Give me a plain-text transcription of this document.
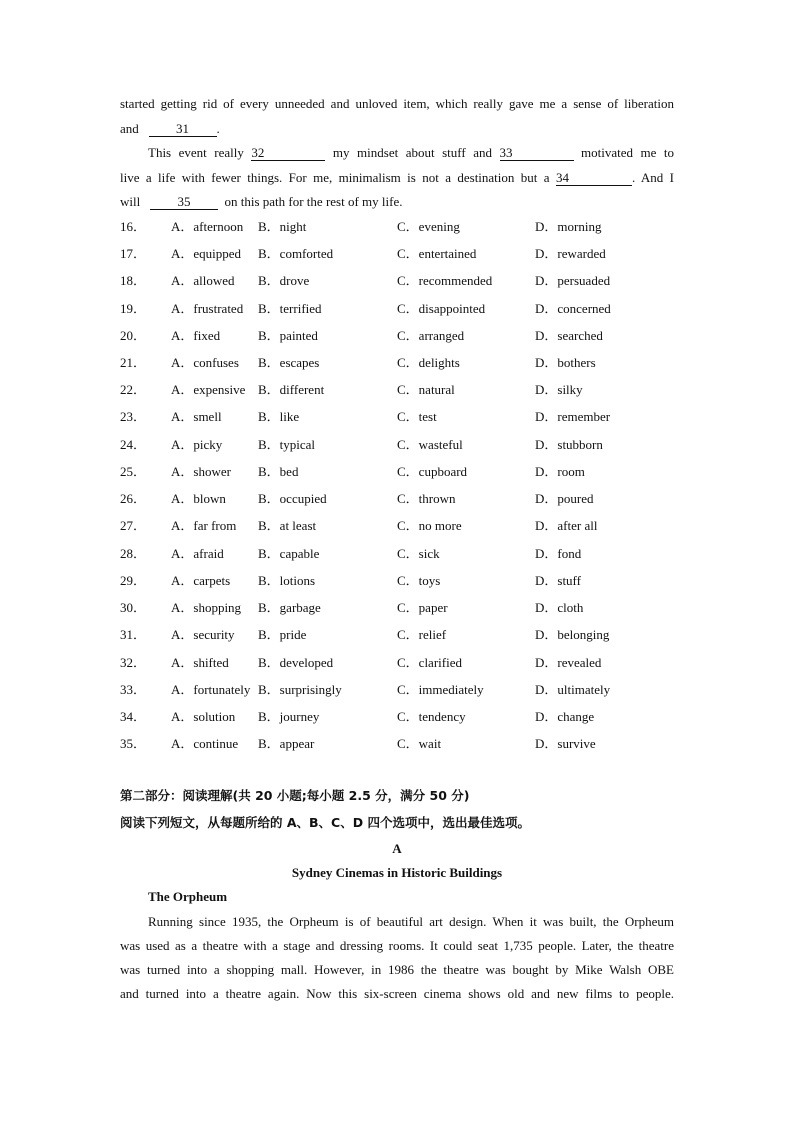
started getting rid of every unneeded and unloved item, which really gave me a sense of liberation
and	31 .
This event really 32	my mindset about stuff and 33	motivated me to
live a life with fewer things. For me, minimalism is not a destination but a 34	. And I
will	35	on this path for the rest of my life.
16． A．afternoon B．night	C．evening	D．morning
17． A．equipped B．comforted	C．entertained	D．rewarded
18． A．allowed B．drove	C．recommended	D．persuaded
19． A．frustrated B．terrified	C．disappointed	D．concerned
20． A．fixed	B．painted	C．arranged	D．searched
21． A．confuses B．escapes	C．delights	D．bothers
22． A．expensive B．different	C．natural	D．silky
23． A．smell	B．like	C．test	D．remember
24． A．picky	B．typical	C．wasteful	D．stubborn
25． A．shower B．bed	C．cupboard	D．room
26． A．blown B．occupied	C．thrown	D．poured
27． A．far from B．at least	C．no more	D．after all
28． A．afraid	B．capable	C．sick	D．fond
29． A．carpets B．lotions	C．toys	D．stuff
30． A．shopping B．garbage	C．paper	D．cloth
31． A．security B．pride	C．relief	D．belonging
32． A．shifted B．developed	C．clarified	D．revealed
33． A．fortunately B．surprisingly	C．immediately	D．ultimately
34． A．solution B．journey	C．tendency	D．change
35． A．continue B．appear	C．wait	D．survive
第二部分：阅读理解(共 20 小题;每小题 2.5 分，满分 50 分)
阅读下列短文，从每题所给的 A、B、C、D 四个选项中，选出最佳选项。
A
Sydney Cinemas in Historic Buildings
The Orpheum
Running since 1935, the Orpheum is of beautiful art design. When it was built, the Orpheum
was used as a theatre with a stage and dressing rooms. It could seat 1,735 people. Later, the theatre
was turned into a shopping mall. However, in 1986 the theatre was bought by Mike Walsh OBE
and turned into a theatre again. Now this six-screen cinema shows old and new films to people.
